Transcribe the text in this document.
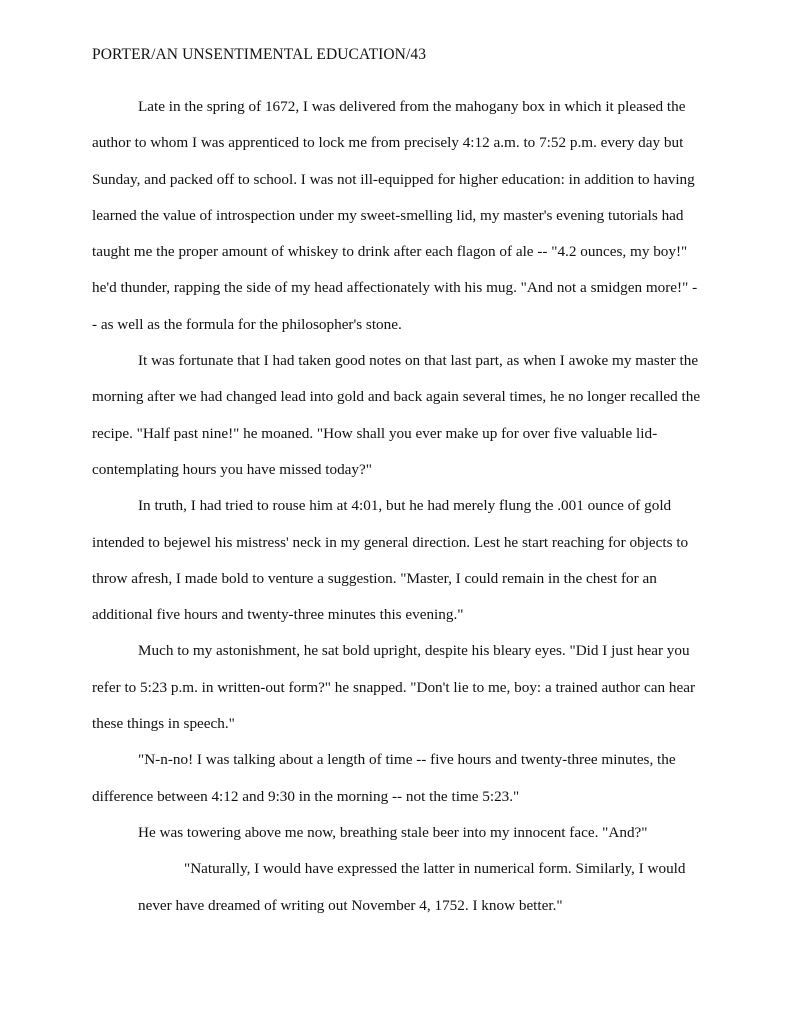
PORTER/AN UNSENTIMENTAL EDUCATION/43

Late in the spring of 1672, I was delivered from the mahogany box in which it pleased the author to whom I was apprenticed to lock me from precisely 4:12 a.m. to 7:52 p.m. every day but Sunday, and packed off to school. I was not ill-equipped for higher education: in addition to having learned the value of introspection under my sweet-smelling lid, my master's evening tutorials had taught me the proper amount of whiskey to drink after each flagon of ale -- "4.2 ounces, my boy!" he'd thunder, rapping the side of my head affectionately with his mug. "And not a smidgen more!" -- as well as the formula for the philosopher's stone.

It was fortunate that I had taken good notes on that last part, as when I awoke my master the morning after we had changed lead into gold and back again several times, he no longer recalled the recipe. "Half past nine!" he moaned. "How shall you ever make up for over five valuable lid-contemplating hours you have missed today?"

In truth, I had tried to rouse him at 4:01, but he had merely flung the .001 ounce of gold intended to bejewel his mistress' neck in my general direction. Lest he start reaching for objects to throw afresh, I made bold to venture a suggestion. "Master, I could remain in the chest for an additional five hours and twenty-three minutes this evening."

Much to my astonishment, he sat bold upright, despite his bleary eyes. "Did I just hear you refer to 5:23 p.m. in written-out form?" he snapped. "Don't lie to me, boy: a trained author can hear these things in speech."

"N-n-no! I was talking about a length of time -- five hours and twenty-three minutes, the difference between 4:12 and 9:30 in the morning -- not the time 5:23."

He was towering above me now, breathing stale beer into my innocent face. "And?"

"Naturally, I would have expressed the latter in numerical form. Similarly, I would never have dreamed of writing out November 4, 1752. I know better."
